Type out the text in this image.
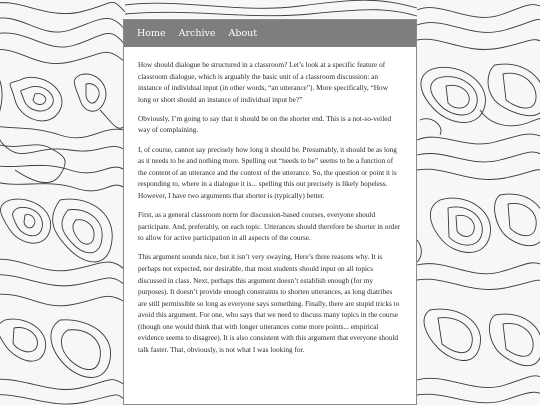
Home Archive About

How should dialogue be structured in a classroom? Let’s look at a specific feature of classroom dialogue, which is arguably the basic unit of a classroom discussion: an instance of individual input (in other words, “an utterance”). More specifically, “How long or short should an instance of individual input be?”

Obviously, I’m going to say that it should be on the shorter end. This is a not-so-veiled way of complaining.

I, of course, cannot say precisely how long it should be. Presumably, it should be as long as it needs to be and nothing more. Spelling out “needs to be” seems to be a function of the content of an utterance and the context of the utterance. So, the question or point it is responding to, where in a dialogue it is... spelling this out precisely is likely hopeless. However, I have two arguments that shorter is (typically) better.

First, as a general classroom norm for discussion-based courses, everyone should participate. And, preferably, on each topic. Utterances should therefore be shorter in order to allow for active participation in all aspects of the course.

This argument sounds nice, but it isn’t very swaying. Here’s three reasons why. It is perhaps not expected, nor desirable, that most students should input on all topics discussed in class. Next, perhaps this argument doesn’t establish enough (for my purposes). It doesn’t provide enough constraints to shorten utterances, as long diatribes are still permissible so long as everyone says something. Finally, there are stupid tricks to avoid this argument. For one, who says that we need to discuss many topics in the course (though one would think that with longer utterances come more points... empirical evidence seems to disagree). It is also consistent with this argument that everyone should talk faster. That, obviously, is not what I was looking for.
